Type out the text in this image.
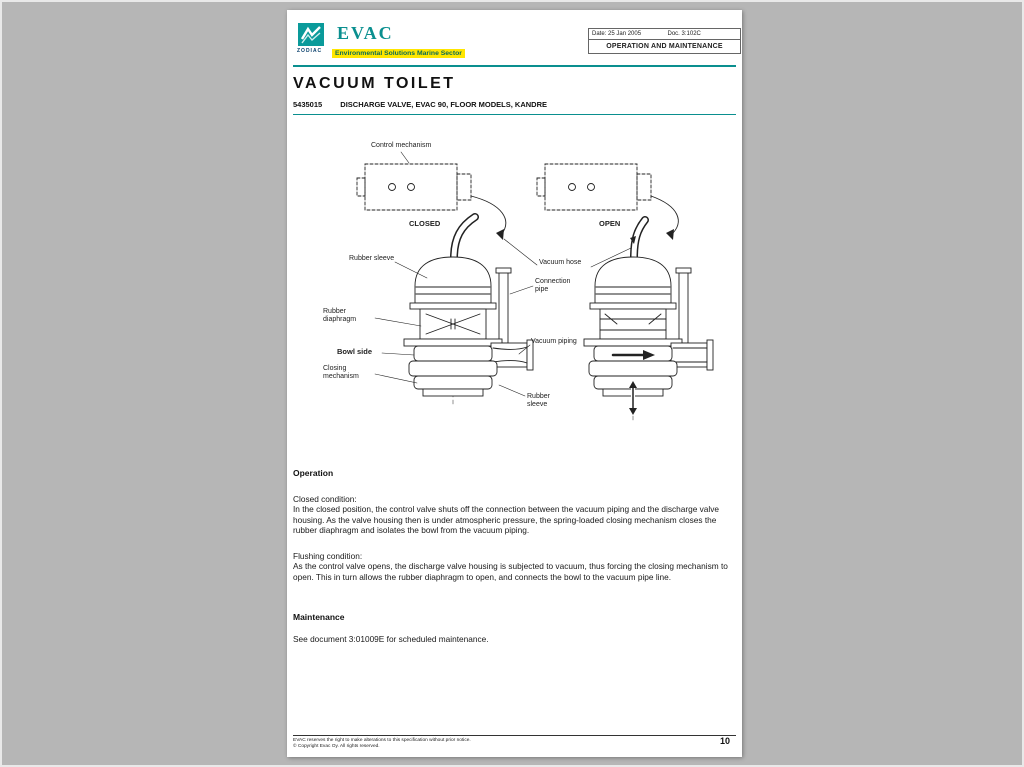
ZODIAC
EVAC
Environmental Solutions Marine Sector
Date: 25 Jan 2005	Doc. 3:102C
OPERATION AND MAINTENANCE
VACUUM TOILET
5435015 DISCHARGE VALVE, EVAC 90, FLOOR MODELS, KANDRE
Control mechanism
CLOSED	OPEN
Rubber sleeve
Vacuum hose
Connection pipe
Rubber diaphragm
Bowl side
Vacuum piping
Closing mechanism
Rubber sleeve
Operation
Closed condition:
In the closed position, the control valve shuts off the connection between the vacuum piping and the discharge valve housing. As the valve housing then is under atmospheric pressure, the spring-loaded closing mechanism closes the rubber diaphragm and isolates the bowl from the vacuum piping.
Flushing condition:
As the control valve opens, the discharge valve housing is subjected to vacuum, thus forcing the closing mechanism to open. This in turn allows the rubber diaphragm to open, and connects the bowl to the vacuum pipe line.
Maintenance
See document 3:01009E for scheduled maintenance.
EVAC reserves the right to make alterations to this specification without prior notice.
© Copyright Evac Oy. All rights reserved.
10
